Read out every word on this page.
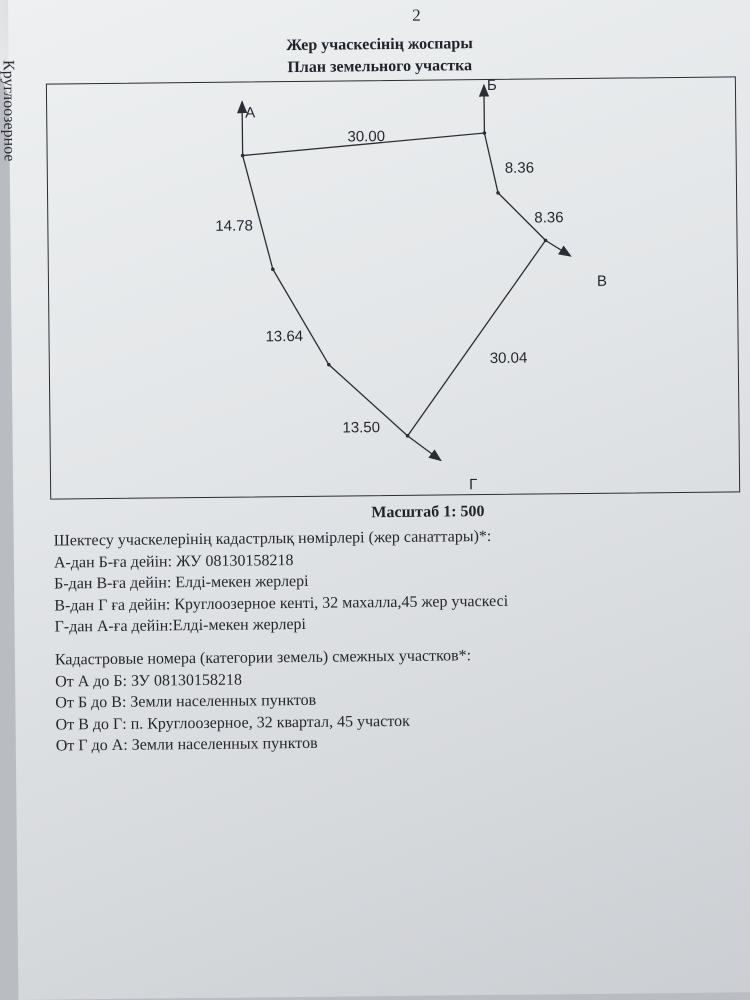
Круглоозерное
2
Жер учаскесінің жоспары
План земельного участка
А
Б
В
Г
30.00
8.36
8.36
30.04
13.50
13.64
14.78
Масштаб 1: 500
Шектесу учаскелерінің кадастрлық нөмірлері (жер санаттары)*:
А-дан Б-ға дейін: ЖУ 08130158218
Б-дан В-ға дейін: Елді-мекен жерлері
В-дан Г ға дейін: Круглоозерное кенті, 32 махалла,45 жер учаскесі
Г-дан А-ға дейін:Елді-мекен жерлері
Кадастровые номера (категории земель) смежных участков*:
От А до Б: ЗУ 08130158218
От Б до В: Земли населенных пунктов
От В до Г: п. Круглоозерное, 32 квартал, 45 участок
От Г до А: Земли населенных пунктов
